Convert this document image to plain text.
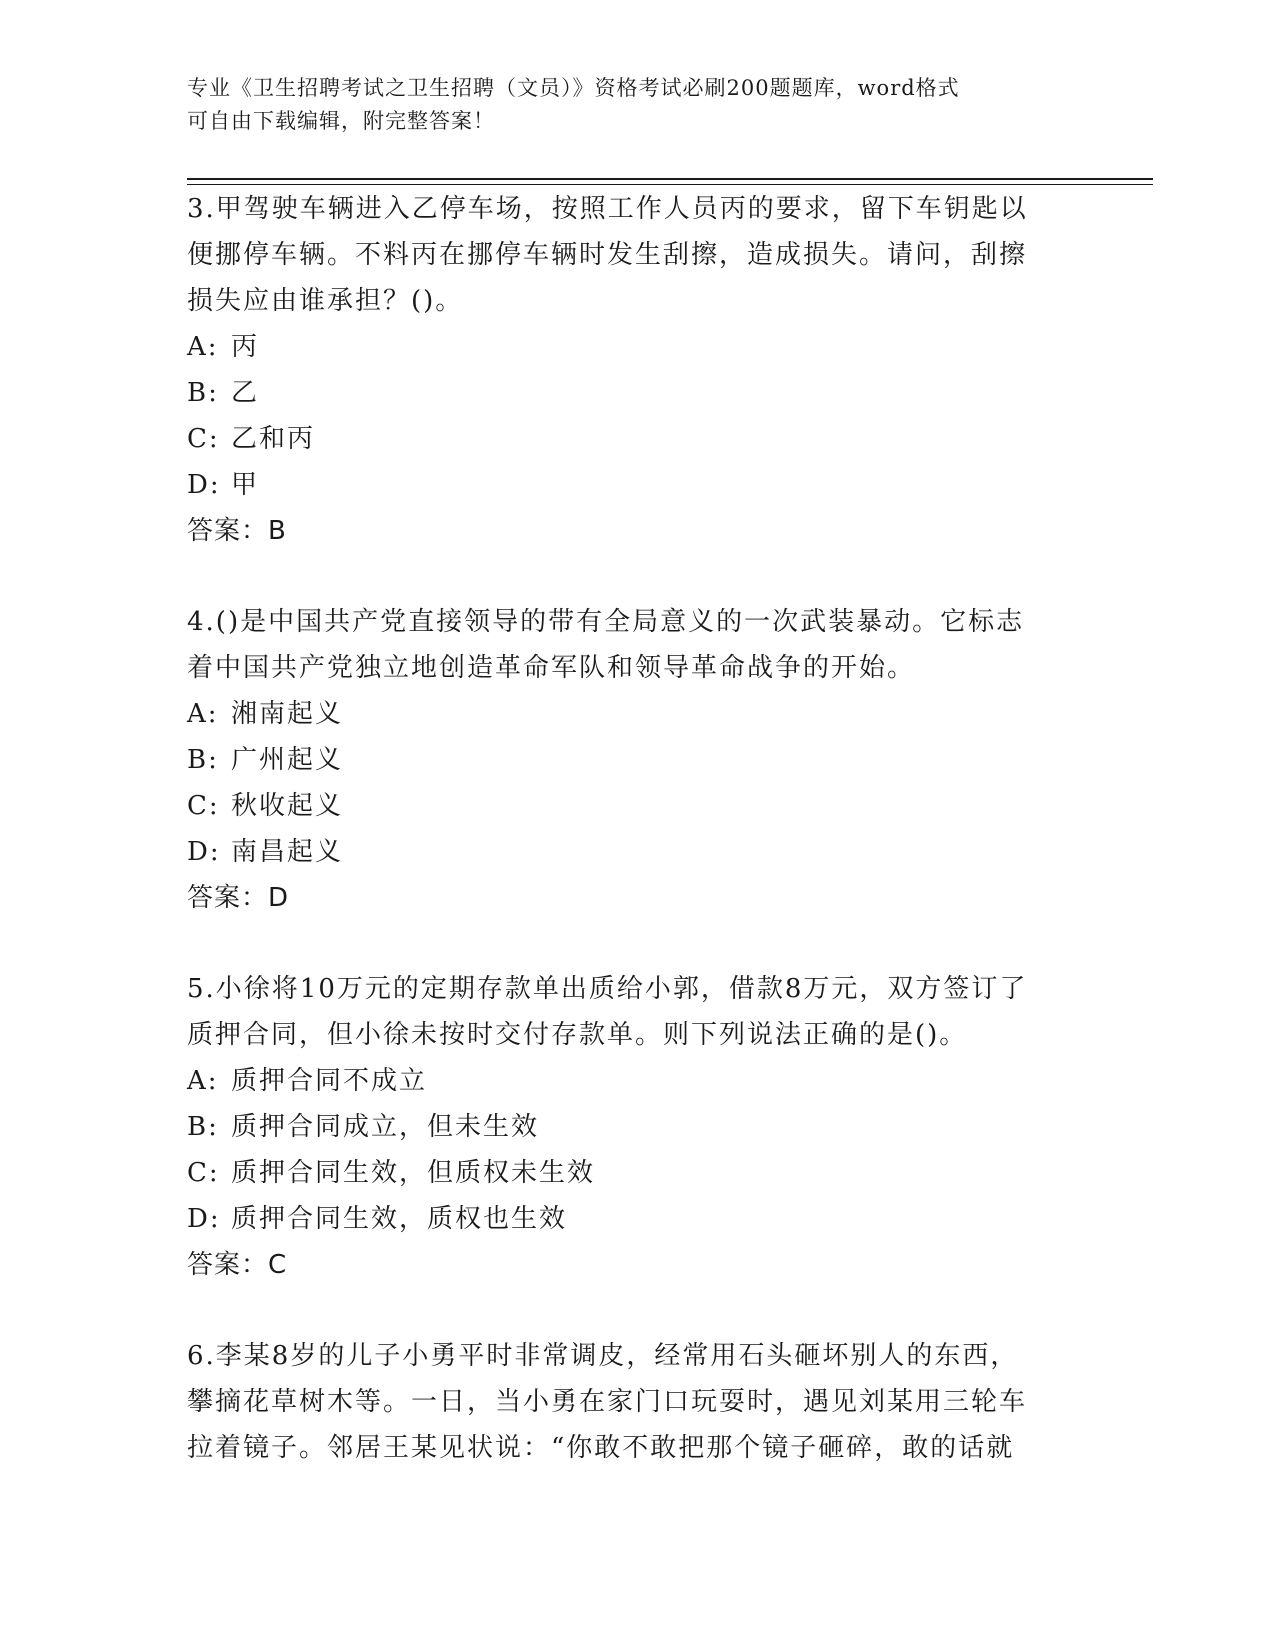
专业《卫生招聘考试之卫生招聘（文员）》资格考试必刷200题题库，word格式
可自由下载编辑，附完整答案！

3.甲驾驶车辆进入乙停车场，按照工作人员丙的要求，留下车钥匙以

便挪停车辆。不料丙在挪停车辆时发生刮擦，造成损失。请问，刮擦

损失应由谁承担？()。

A: 丙

B: 乙

C: 乙和丙

D: 甲

答案：B

4.()是中国共产党直接领导的带有全局意义的一次武装暴动。它标志

着中国共产党独立地创造革命军队和领导革命战争的开始。

A: 湘南起义

B: 广州起义

C: 秋收起义

D: 南昌起义

答案：D

5.小徐将10万元的定期存款单出质给小郭，借款8万元，双方签订了

质押合同，但小徐未按时交付存款单。则下列说法正确的是()。

A: 质押合同不成立

B: 质押合同成立，但未生效

C: 质押合同生效，但质权未生效

D: 质押合同生效，质权也生效

答案：C

6.李某8岁的儿子小勇平时非常调皮，经常用石头砸坏别人的东西，

攀摘花草树木等。一日，当小勇在家门口玩耍时，遇见刘某用三轮车

拉着镜子。邻居王某见状说：“你敢不敢把那个镜子砸碎，敢的话就
